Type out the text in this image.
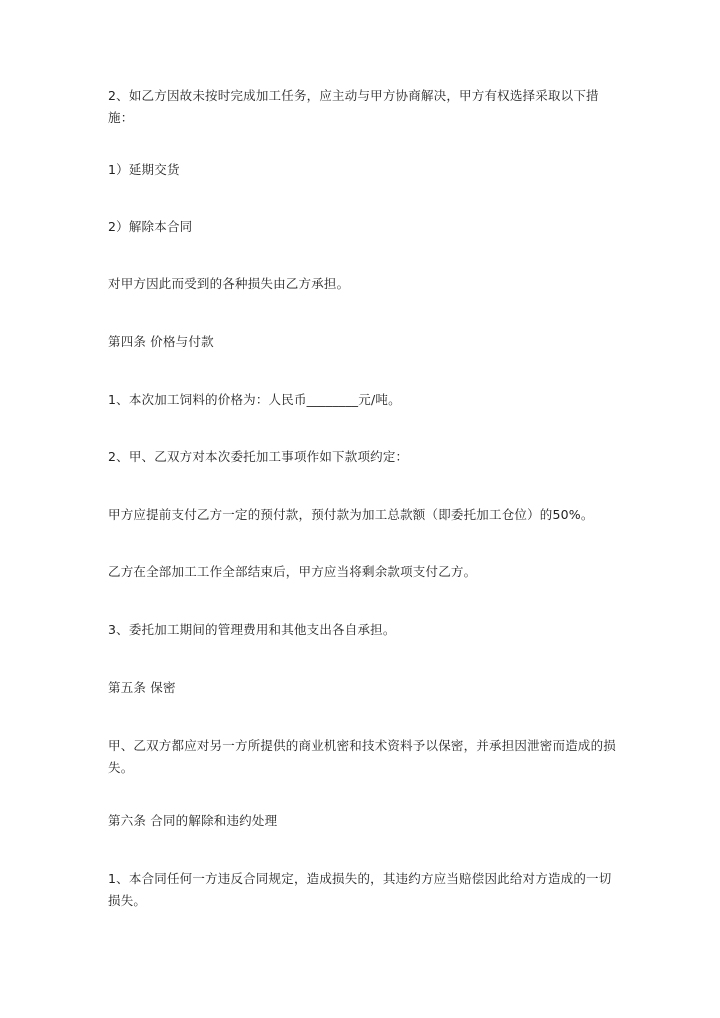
2、如乙方因故未按时完成加工任务，应主动与甲方协商解决，甲方有权选择采取以下措施：

1）延期交货

2）解除本合同

对甲方因此而受到的各种损失由乙方承担。

第四条 价格与付款

1、本次加工饲料的价格为：人民币________元/吨。

2、甲、乙双方对本次委托加工事项作如下款项约定：

甲方应提前支付乙方一定的预付款，预付款为加工总款额（即委托加工仓位）的50%。

乙方在全部加工工作全部结束后，甲方应当将剩余款项支付乙方。

3、委托加工期间的管理费用和其他支出各自承担。

第五条 保密

甲、乙双方都应对另一方所提供的商业机密和技术资料予以保密，并承担因泄密而造成的损失。

第六条 合同的解除和违约处理

1、本合同任何一方违反合同规定，造成损失的，其违约方应当赔偿因此给对方造成的一切损失。
